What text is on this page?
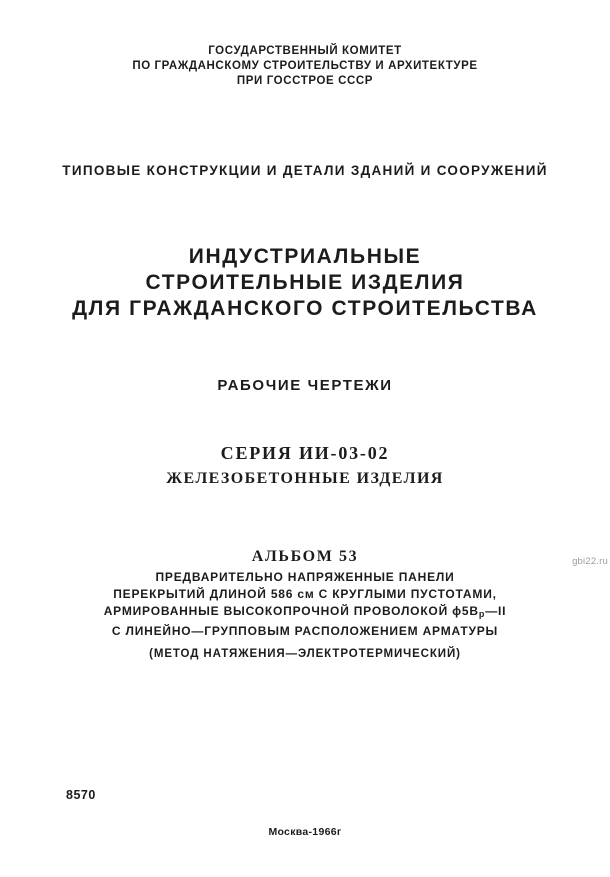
ГОСУДАРСТВЕННЫЙ КОМИТЕТ
ПО ГРАЖДАНСКОМУ СТРОИТЕЛЬСТВУ И АРХИТЕКТУРЕ
ПРИ ГОССТРОЕ СССР
ТИПОВЫЕ КОНСТРУКЦИИ И ДЕТАЛИ ЗДАНИЙ И СООРУЖЕНИЙ
ИНДУСТРИАЛЬНЫЕ
СТРОИТЕЛЬНЫЕ ИЗДЕЛИЯ
ДЛЯ ГРАЖДАНСКОГО СТРОИТЕЛЬСТВА
РАБОЧИЕ ЧЕРТЕЖИ
СЕРИЯ ИИ-03-02
ЖЕЛЕЗОБЕТОННЫЕ ИЗДЕЛИЯ
АЛЬБОМ 53
ПРЕДВАРИТЕЛЬНО НАПРЯЖЕННЫЕ ПАНЕЛИ
ПЕРЕКРЫТИЙ ДЛИНОЙ 586 см С КРУГЛЫМИ ПУСТОТАМИ,
АРМИРОВАННЫЕ ВЫСОКОПРОЧНОЙ ПРОВОЛОКОЙ $\phi 5В_р—II$
С ЛИНЕЙНО—ГРУППОВЫМ РАСПОЛОЖЕНИЕМ АРМАТУРЫ
(МЕТОД НАТЯЖЕНИЯ—ЭЛЕКТРОТЕРМИЧЕСКИЙ)
8570
Москва-1966г
gbi22.ru
